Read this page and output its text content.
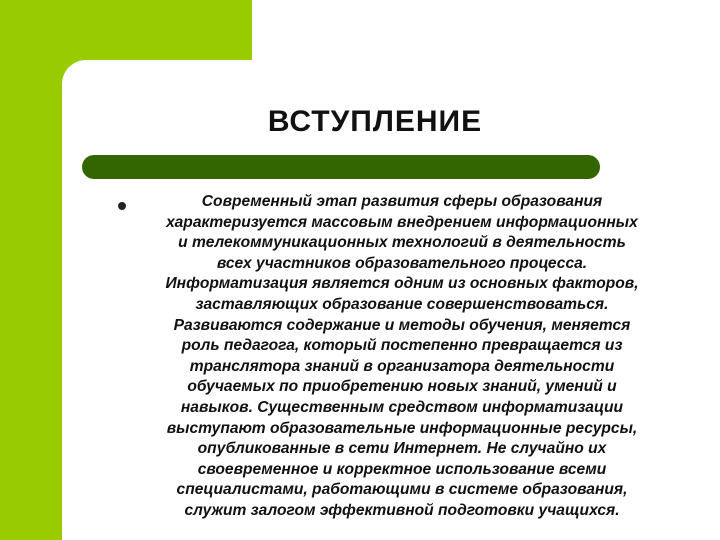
ВСТУПЛЕНИЕ
Современный этап развития сферы образования
характеризуется массовым внедрением информационных
и телекоммуникационных технологий в деятельность
всех участников образовательного процесса.
Информатизация является одним из основных факторов,
заставляющих образование совершенствоваться.
Развиваются содержание и методы обучения, меняется
роль педагога, который постепенно превращается из
транслятора знаний в организатора деятельности
обучаемых по приобретению новых знаний, умений и
навыков. Существенным средством информатизации
выступают образовательные информационные ресурсы,
опубликованные в сети Интернет. Не случайно их
своевременное и корректное использование всеми
специалистами, работающими в системе образования,
служит залогом эффективной подготовки учащихся.
